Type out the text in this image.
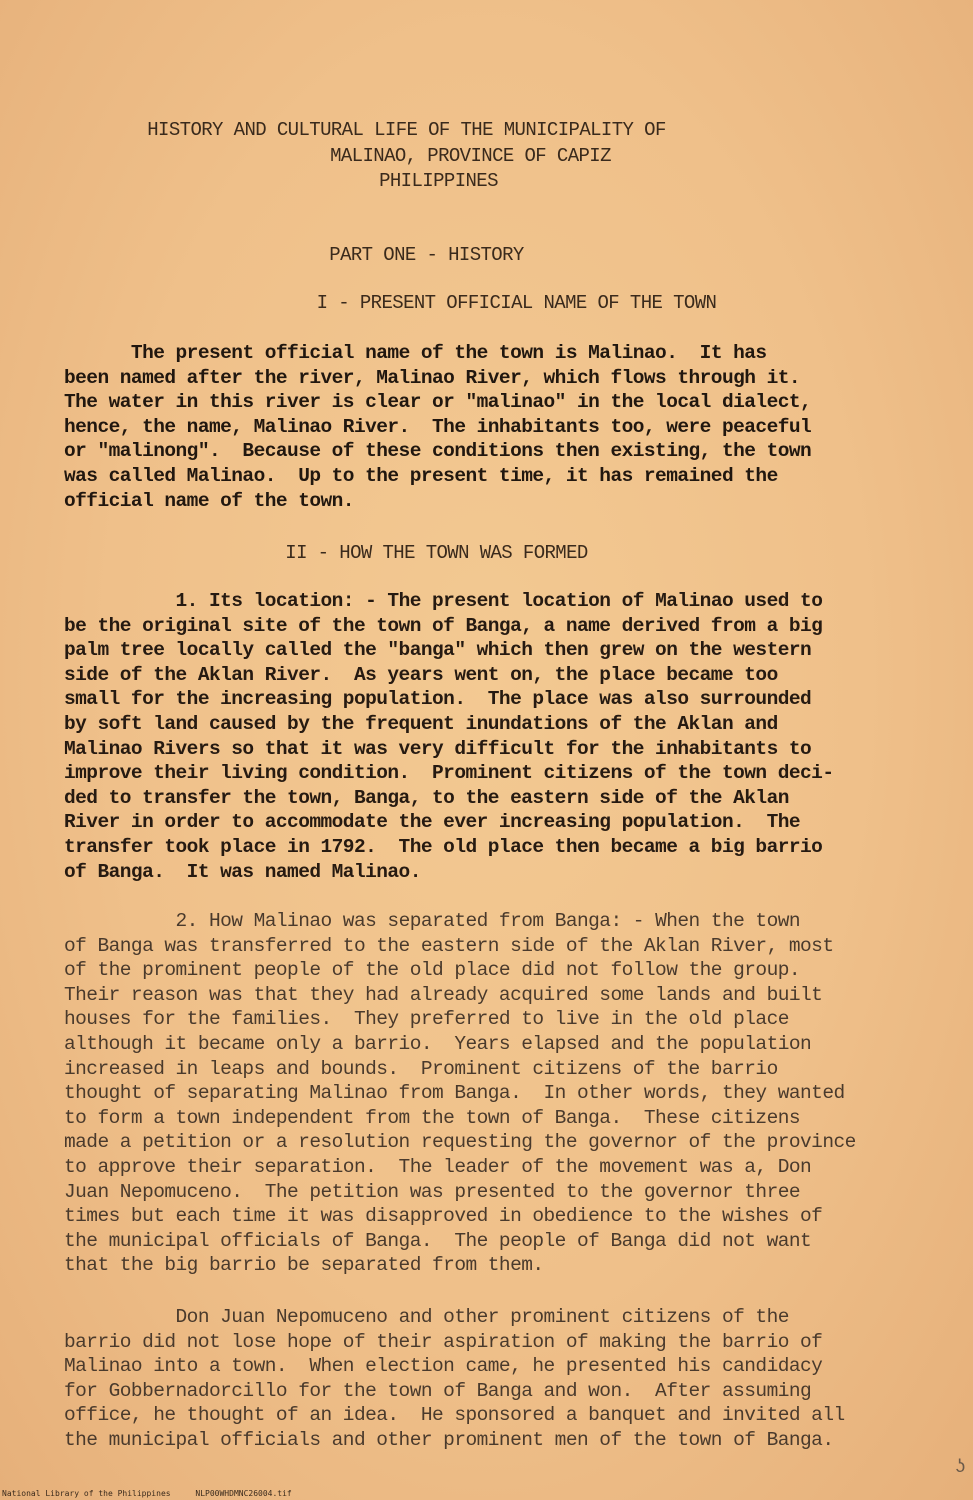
HISTORY AND CULTURAL LIFE OF THE MUNICIPALITY OF
MALINAO, PROVINCE OF CAPIZ
PHILIPPINES
PART ONE - HISTORY
I - PRESENT OFFICIAL NAME OF THE TOWN
The present official name of the town is Malinao.  It has
been named after the river, Malinao River, which flows through it.
The water in this river is clear or "malinao" in the local dialect,
hence, the name, Malinao River.  The inhabitants too, were peaceful
or "malinong".  Because of these conditions then existing, the town
was called Malinao.  Up to the present time, it has remained the
official name of the town.
II - HOW THE TOWN WAS FORMED
1. Its location: - The present location of Malinao used to
be the original site of the town of Banga, a name derived from a big
palm tree locally called the "banga" which then grew on the western
side of the Aklan River.  As years went on, the place became too
small for the increasing population.  The place was also surrounded
by soft land caused by the frequent inundations of the Aklan and
Malinao Rivers so that it was very difficult for the inhabitants to
improve their living condition.  Prominent citizens of the town deci-
ded to transfer the town, Banga, to the eastern side of the Aklan
River in order to accommodate the ever increasing population.  The
transfer took place in 1792.  The old place then became a big barrio
of Banga.  It was named Malinao.
2. How Malinao was separated from Banga: - When the town
of Banga was transferred to the eastern side of the Aklan River, most
of the prominent people of the old place did not follow the group.
Their reason was that they had already acquired some lands and built
houses for the families.  They preferred to live in the old place
although it became only a barrio.  Years elapsed and the population
increased in leaps and bounds.  Prominent citizens of the barrio
thought of separating Malinao from Banga.  In other words, they wanted
to form a town independent from the town of Banga.  These citizens
made a petition or a resolution requesting the governor of the province
to approve their separation.  The leader of the movement was a, Don
Juan Nepomuceno.  The petition was presented to the governor three
times but each time it was disapproved in obedience to the wishes of
the municipal officials of Banga.  The people of Banga did not want
that the big barrio be separated from them.
Don Juan Nepomuceno and other prominent citizens of the
barrio did not lose hope of their aspiration of making the barrio of
Malinao into a town.  When election came, he presented his candidacy
for Gobbernadorcillo for the town of Banga and won.  After assuming
office, he thought of an idea.  He sponsored a banquet and invited all
the municipal officials and other prominent men of the town of Banga.
ʖ
National Library of the Philippines	NLP00WHDMNC26004.tif
